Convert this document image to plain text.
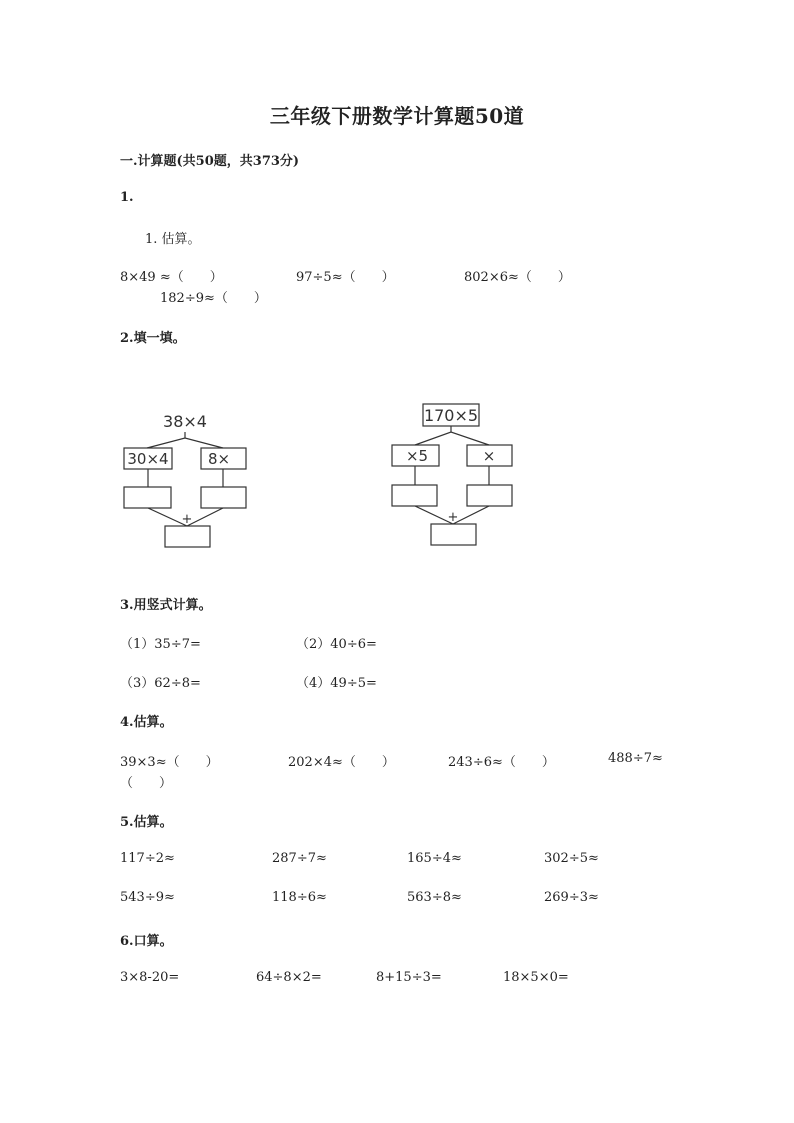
三年级下册数学计算题50道
一.计算题(共50题，共373分)
1.
1. 估算。
8×49 ≈（　　）	97÷5≈（　　）	802×6≈（　　）
182÷9≈（　　）
2.填一填。
38×4
30×4	8×
+
170×5
×5	×
+
3.用竖式计算。
（1）35÷7=	（2）40÷6=
（3）62÷8=	（4）49÷5=
4.估算。
39×3≈（　　）	202×4≈（　　）	243÷6≈（　　）	488÷7≈
（　　）
5.估算。
117÷2≈	287÷7≈	165÷4≈	302÷5≈
543÷9≈	118÷6≈	563÷8≈	269÷3≈
6.口算。
3×8-20=	64÷8×2=	8+15÷3=	18×5×0=
